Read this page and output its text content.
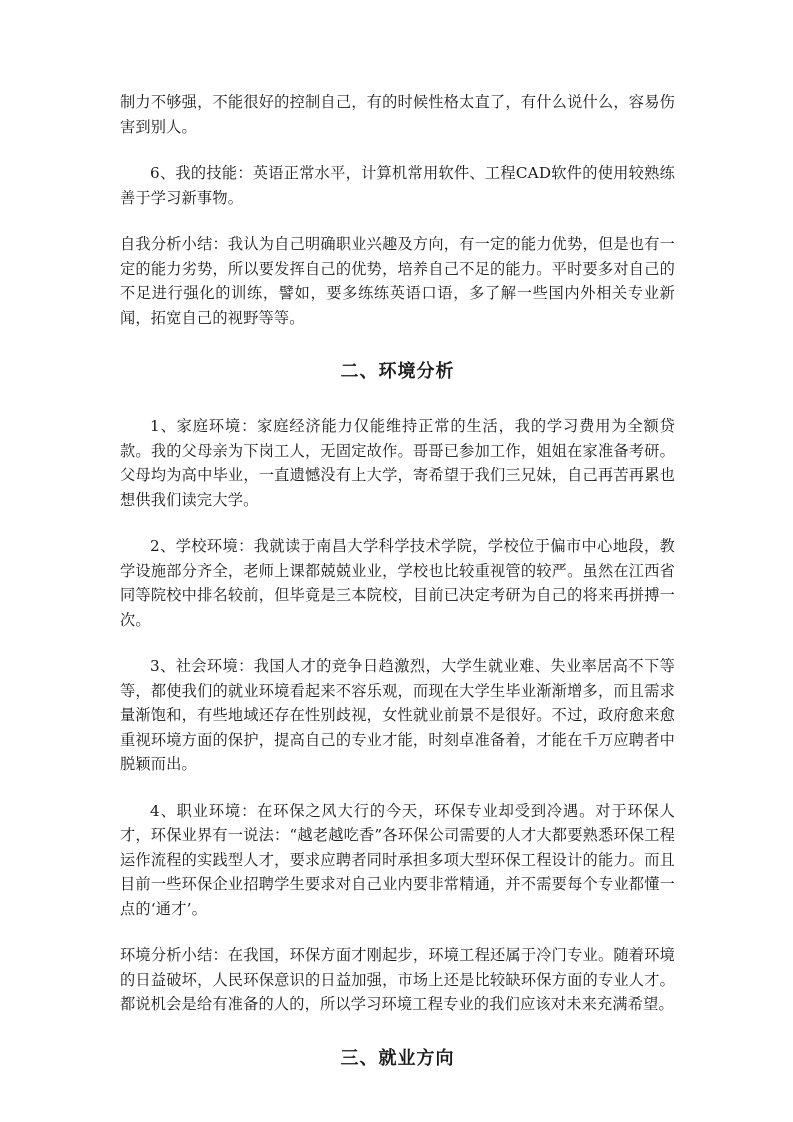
制力不够强，不能很好的控制自己，有的时候性格太直了，有什么说什么，容易伤害到别人。

6、我的技能：英语正常水平，计算机常用软件、工程CAD软件的使用较熟练善于学习新事物。

自我分析小结：我认为自己明确职业兴趣及方向，有一定的能力优势，但是也有一定的能力劣势，所以要发挥自己的优势，培养自己不足的能力。平时要多对自己的不足进行强化的训练，譬如，要多练练英语口语，多了解一些国内外相关专业新闻，拓宽自己的视野等等。

二、环境分析

1、家庭环境：家庭经济能力仅能维持正常的生活，我的学习费用为全额贷款。我的父母亲为下岗工人，无固定故作。哥哥已参加工作，姐姐在家准备考研。父母均为高中毕业，一直遗憾没有上大学，寄希望于我们三兄妹，自己再苦再累也想供我们读完大学。

2、学校环境：我就读于南昌大学科学技术学院，学校位于偏市中心地段，教学设施部分齐全，老师上课都兢兢业业，学校也比较重视管的较严。虽然在江西省同等院校中排名较前，但毕竟是三本院校，目前已决定考研为自己的将来再拼搏一次。

3、社会环境：我国人才的竞争日趋激烈，大学生就业难、失业率居高不下等等，都使我们的就业环境看起来不容乐观，而现在大学生毕业渐渐增多，而且需求量渐饱和，有些地域还存在性别歧视，女性就业前景不是很好。不过，政府愈来愈重视环境方面的保护，提高自己的专业才能，时刻卓准备着，才能在千万应聘者中脱颖而出。

4、职业环境：在环保之风大行的今天，环保专业却受到冷遇。对于环保人才，环保业界有一说法：“越老越吃香”各环保公司需要的人才大都要熟悉环保工程运作流程的实践型人才，要求应聘者同时承担多项大型环保工程设计的能力。而且目前一些环保企业招聘学生要求对自己业内要非常精通，并不需要每个专业都懂一点的‘通才’。

环境分析小结：在我国，环保方面才刚起步，环境工程还属于冷门专业。随着环境的日益破坏，人民环保意识的日益加强，市场上还是比较缺环保方面的专业人才。都说机会是给有准备的人的，所以学习环境工程专业的我们应该对未来充满希望。

三、就业方向
